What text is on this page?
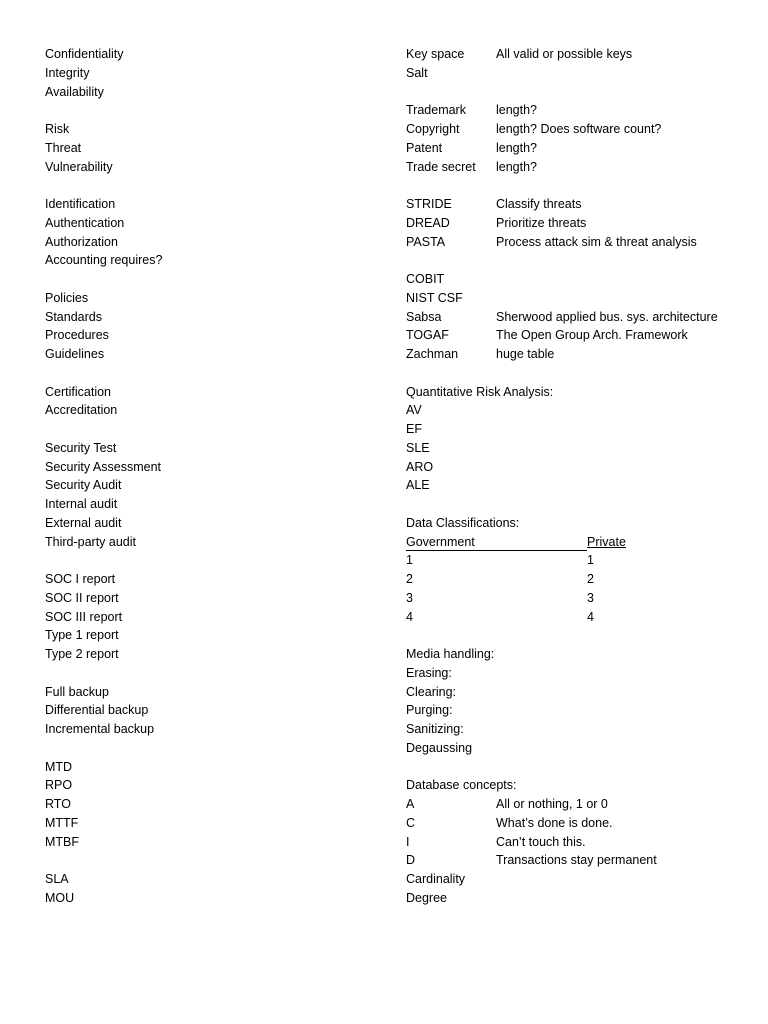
Confidentiality
Integrity
Availability
Risk
Threat
Vulnerability
Identification
Authentication
Authorization
Accounting requires?
Policies
Standards
Procedures
Guidelines
Certification
Accreditation
Security Test
Security Assessment
Security Audit
Internal audit
External audit
Third-party audit
SOC I report
SOC II report
SOC III report
Type 1 report
Type 2 report
Full backup
Differential backup
Incremental backup
MTD
RPO
RTO
MTTF
MTBF
SLA
MOU
Key space	All valid or possible keys
Salt
Trademark length?
Copyright	length? Does software count?
Patent	length?
Trade secret length?
STRIDE	Classify threats
DREAD	Prioritize threats
PASTA	Process attack sim & threat analysis
COBIT
NIST CSF
Sabsa	Sherwood applied bus. sys. architecture
TOGAF	The Open Group Arch. Framework
Zachman	huge table
Quantitative Risk Analysis:
AV
EF
SLE
ARO
ALE
Data Classifications:
Government	Private
1	1
2	2
3	3
4	4
Media handling:
Erasing:
Clearing:
Purging:
Sanitizing:
Degaussing
Database concepts:
A	All or nothing, 1 or 0
C	What’s done is done.
I	Can’t touch this.
D	Transactions stay permanent
Cardinality
Degree
